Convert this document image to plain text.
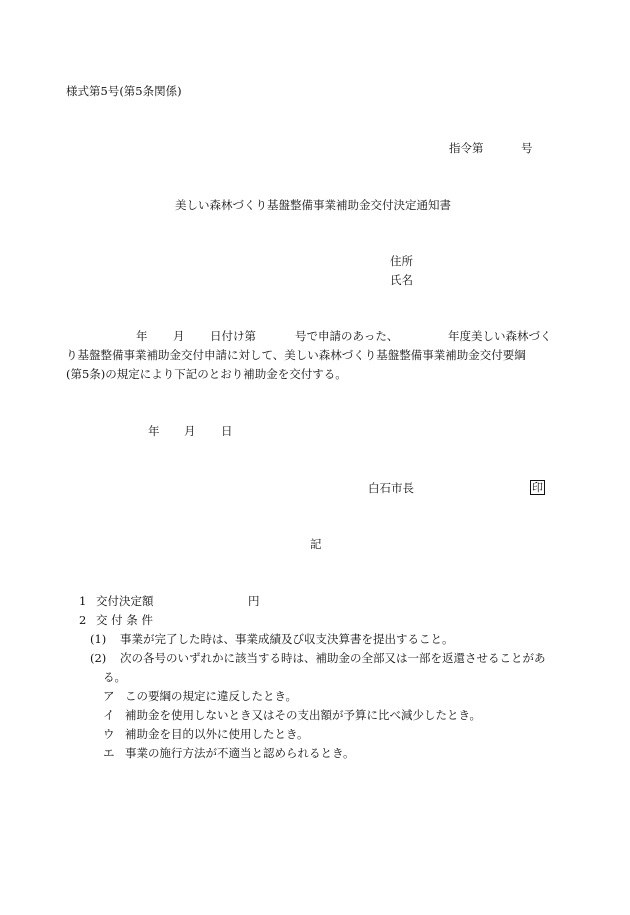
様式第5号(第5条関係)
指令第	号
美しい森林づくり基盤整備事業補助金交付決定通知書
住所
氏名
年 月 日付け第	号で申請のあった、	年度美しい森林づく
り基盤整備事業補助金交付申請に対して、美しい森林づくり基盤整備事業補助金交付要綱
(第5条)の規定により下記のとおり補助金を交付する。
年 月 日
白石市長	印
記
1 交付決定額	円
2 交 付 条 件
(1) 事業が完了した時は、事業成績及び収支決算書を提出すること。
(2) 次の各号のいずれかに該当する時は、補助金の全部又は一部を返還させることがあ
る。
ア この要綱の規定に違反したとき。
イ 補助金を使用しないとき又はその支出額が予算に比べ減少したとき。
ウ 補助金を目的以外に使用したとき。
エ 事業の施行方法が不適当と認められるとき。
